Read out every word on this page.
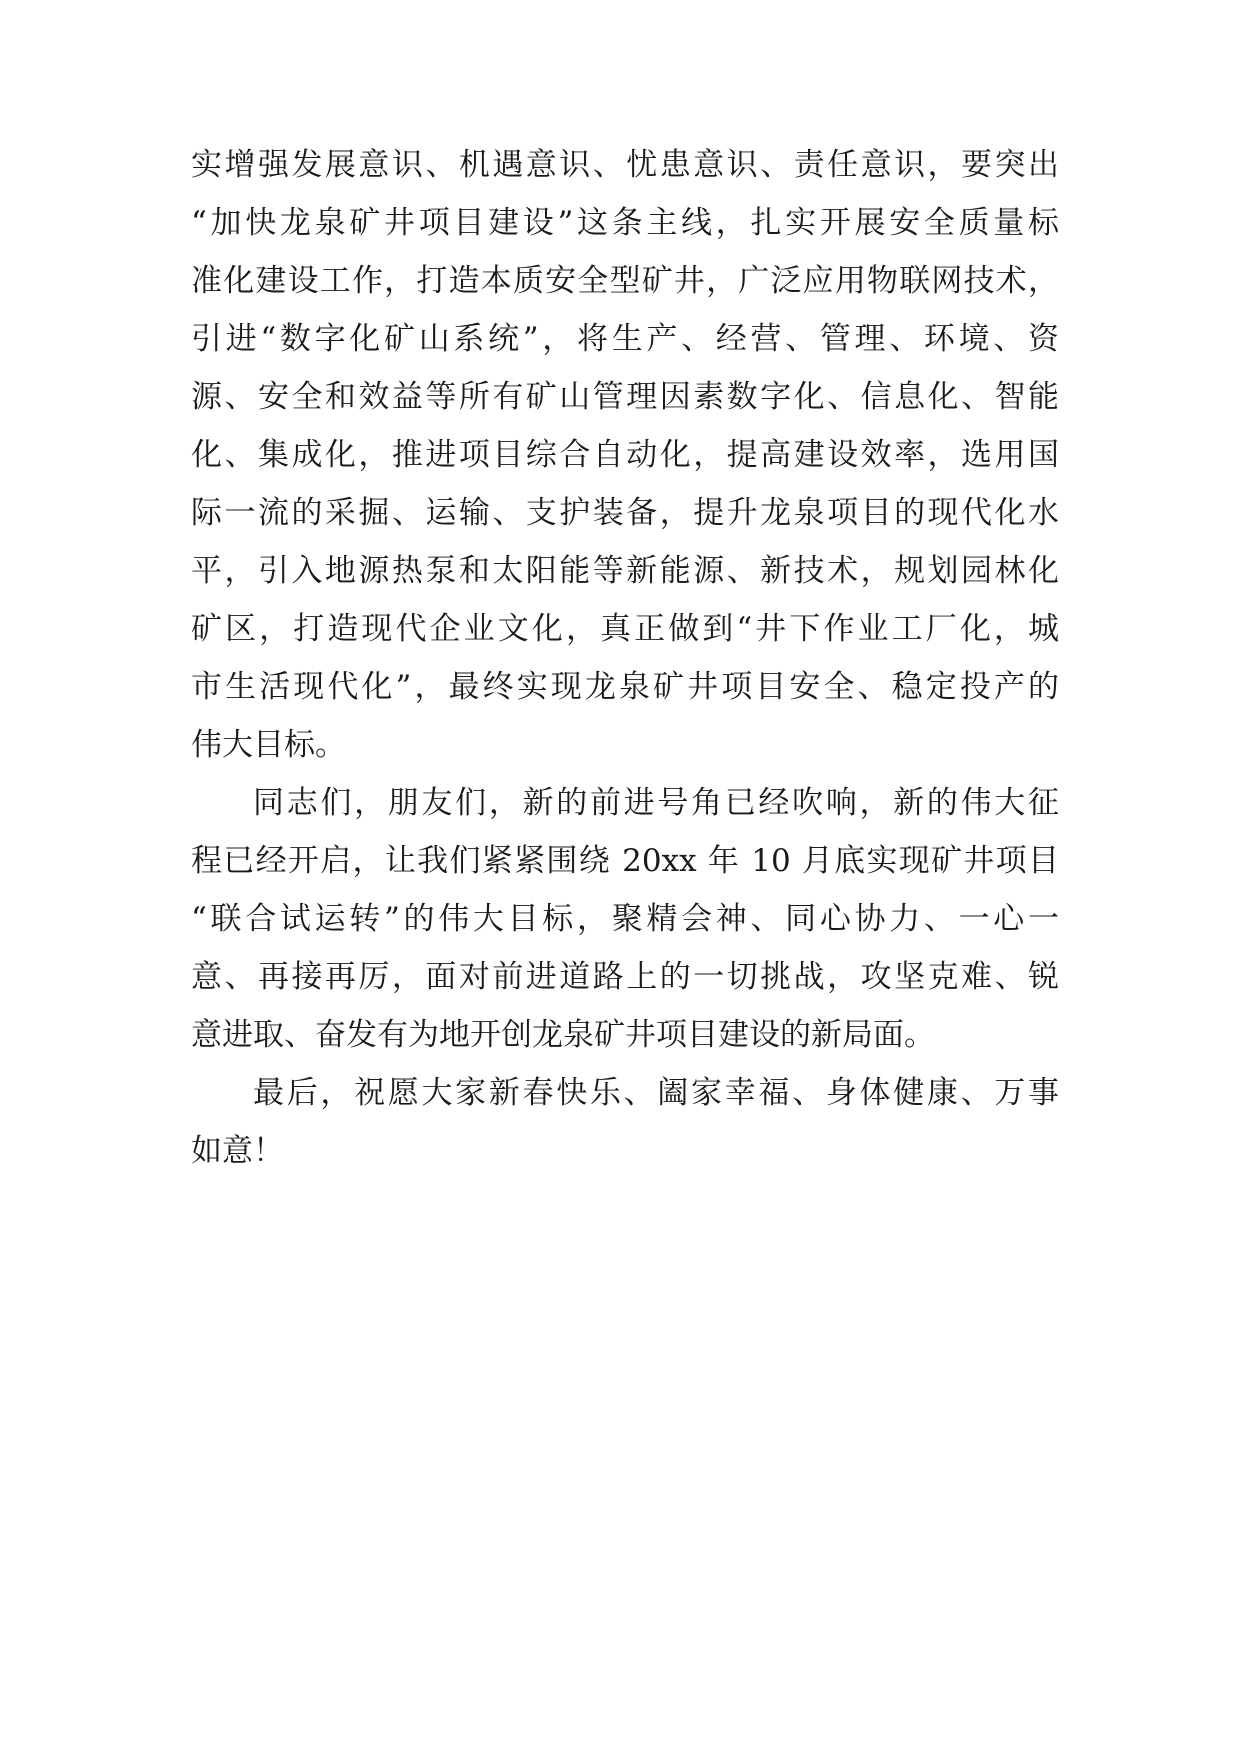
实增强发展意识、机遇意识、忧患意识、责任意识，要突出
“加快龙泉矿井项目建设”这条主线，扎实开展安全质量标
准化建设工作，打造本质安全型矿井，广泛应用物联网技术，
引进“数字化矿山系统”，将生产、经营、管理、环境、资
源、安全和效益等所有矿山管理因素数字化、信息化、智能
化、集成化，推进项目综合自动化，提高建设效率，选用国
际一流的采掘、运输、支护装备，提升龙泉项目的现代化水
平，引入地源热泵和太阳能等新能源、新技术，规划园林化
矿区，打造现代企业文化，真正做到“井下作业工厂化，城
市生活现代化”，最终实现龙泉矿井项目安全、稳定投产的
伟大目标。
同志们，朋友们，新的前进号角已经吹响，新的伟大征
程已经开启，让我们紧紧围绕 20xx 年 10 月底实现矿井项目
“联合试运转”的伟大目标，聚精会神、同心协力、一心一
意、再接再厉，面对前进道路上的一切挑战，攻坚克难、锐
意进取、奋发有为地开创龙泉矿井项目建设的新局面。
最后，祝愿大家新春快乐、阖家幸福、身体健康、万事
如意！
